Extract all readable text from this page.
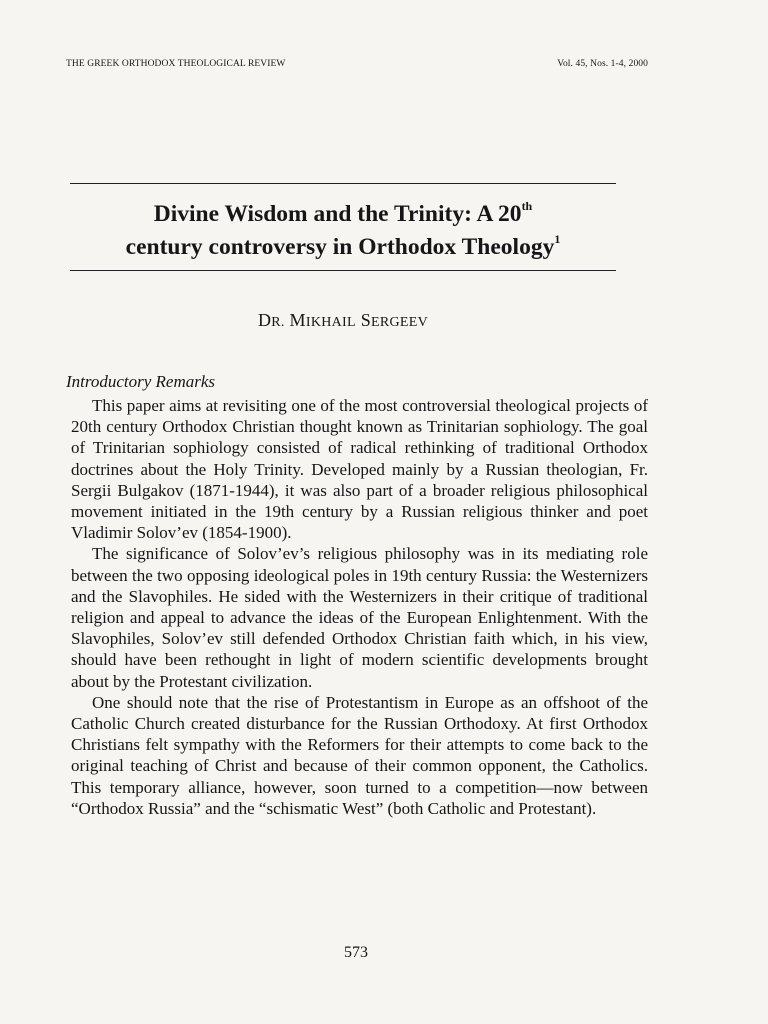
THE GREEK ORTHODOX THEOLOGICAL REVIEW	Vol. 45, Nos. 1-4, 2000
Divine Wisdom and the Trinity: A 20th
century controversy in Orthodox Theology$^1$
DR. MIKHAIL SERGEEV
Introductory Remarks

This paper aims at revisiting one of the most controversial theological projects of 20th century Orthodox Christian thought known as Trinitarian sophiology. The goal of Trinitarian sophiology consisted of radical rethinking of traditional Orthodox doctrines about the Holy Trinity. Developed mainly by a Russian theologian, Fr. Sergii Bulgakov (1871-1944), it was also part of a broader religious philosophical movement initiated in the 19th century by a Russian religious thinker and poet Vladimir Solov’ev (1854-1900).

The significance of Solov’ev’s religious philosophy was in its mediating role between the two opposing ideological poles in 19th century Russia: the Westernizers and the Slavophiles. He sided with the Westernizers in their critique of traditional religion and appeal to advance the ideas of the European Enlightenment. With the Slavophiles, Solov’ev still defended Orthodox Christian faith which, in his view, should have been rethought in light of modern scientific developments brought about by the Protestant civilization.

One should note that the rise of Protestantism in Europe as an offshoot of the Catholic Church created disturbance for the Russian Orthodoxy. At first Orthodox Christians felt sympathy with the Reformers for their attempts to come back to the original teaching of Christ and because of their common opponent, the Catholics. This temporary alliance, however, soon turned to a competition—now between “Orthodox Russia” and the “schismatic West” (both Catholic and Protestant).

573
